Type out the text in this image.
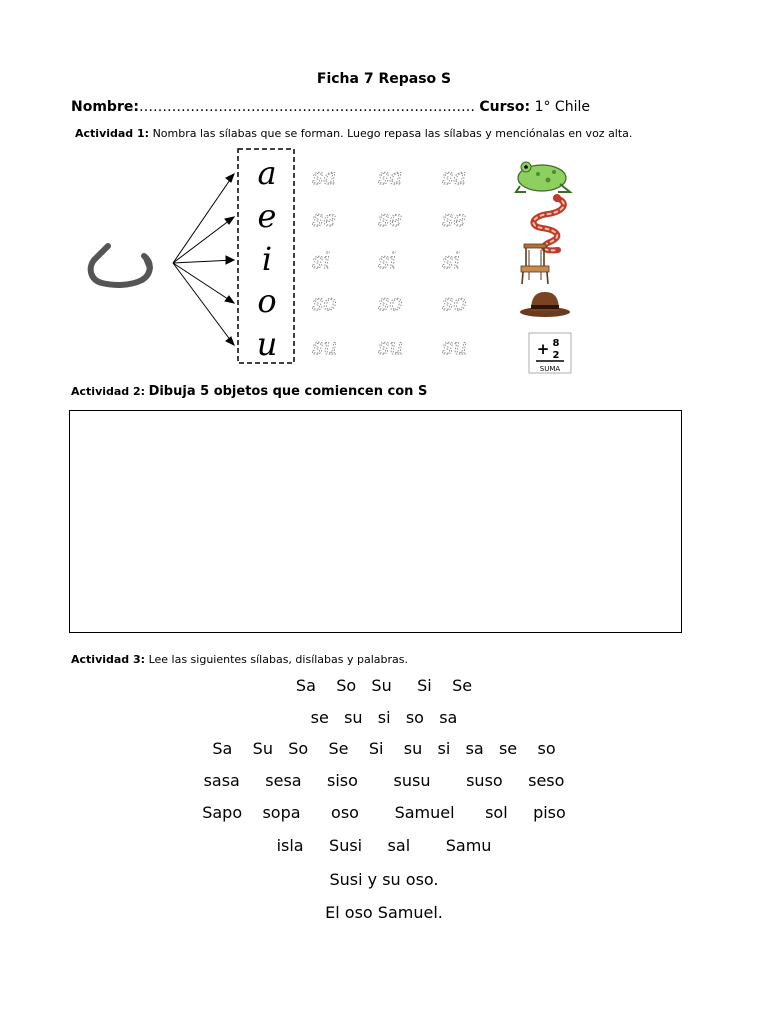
Ficha 7 Repaso S
Nombre:……………………………………………………………… Curso: 1° Chile
Actividad 1: Nombra las sílabas que se forman. Luego repasa las sílabas y menciónalas en voz alta.
a
e
i
o
u
sa sa sa
se se se
si si si
so so so
su su su	8
+ 2
SUMA
Actividad 2: Dibuja 5 objetos que comiencen con S
Actividad 3: Lee las siguientes sílabas, disílabas y palabras.
Sa    So   Su     Si    Se
se   su   si   so   sa
Sa    Su   So    Se    Si    su   si   sa   se    so
sasa     sesa     siso       susu       suso     seso
Sapo    sopa      oso       Samuel      sol     piso
isla     Susi     sal       Samu
Susi y su oso.
El oso Samuel.
